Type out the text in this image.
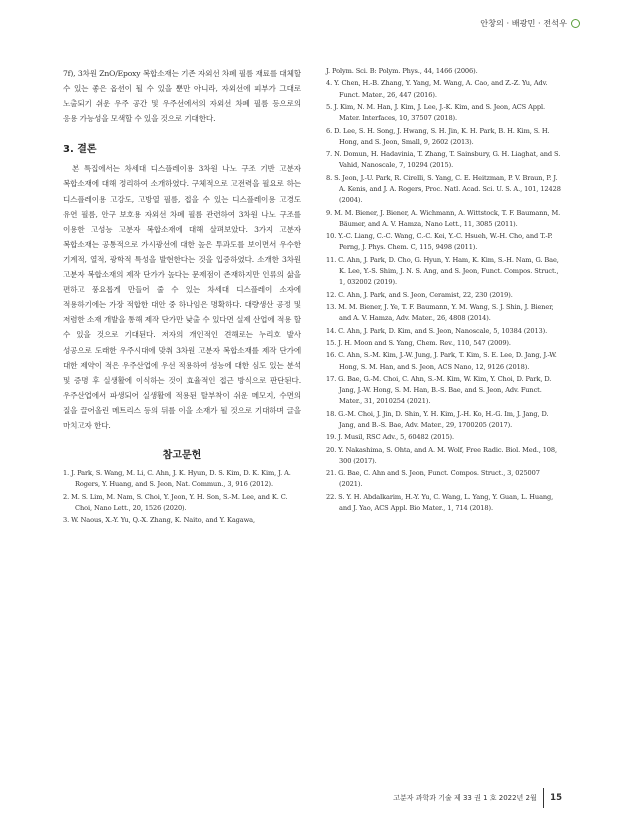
안창의 · 배광민 · 전석우

7f), 3차원 ZnO/Epoxy 복합소재는 기존 자외선 차폐 필름 재료를 대체할 수 있는 좋은 옵션이 될 수 있을 뿐만 아니라, 자외선에 피부가 그대로 노출되기 쉬운 우주 공간 및 우주선에서의 자외선 차폐 필름 등으로의 응용 가능성을 모색할 수 있을 것으로 기대한다.

3. 결론

본 특집에서는 차세대 디스플레이용 3차원 나노 구조 기반 고분자 복합소재에 대해 정리하여 소개하였다. 구체적으로 고전력을 필요로 하는 디스플레이용 고강도, 고방열 필름, 접을 수 있는 디스플레이용 고경도 유연 필름, 안구 보호용 자외선 차폐 필름 관련하여 3차원 나노 구조를 이용한 고성능 고분자 복합소재에 대해 살펴보았다. 3가지 고분자 복합소재는 공통적으로 가시광선에 대한 높은 투과도를 보이면서 우수한 기계적, 열적, 광학적 특성을 발현한다는 것을 입증하였다. 소개한 3차원 고분자 복합소재의 제작 단가가 높다는 문제점이 존재하지만 인류의 삶을 편하고 풍요롭게 만들어 줄 수 있는 차세대 디스플레이 소자에 적용하기에는 가장 적합한 대안 중 하나임은 명확하다. 대량생산 공정 및 저렴한 소재 개발을 통해 제작 단가만 낮출 수 있다면 실제 산업에 적용 할 수 있을 것으로 기대된다. 저자의 개인적인 견해로는 누리호 발사 성공으로 도래한 우주시대에 맞춰 3차원 고분자 복합소재를 제작 단가에 대한 제약이 적은 우주산업에 우선 적용하여 성능에 대한 심도 있는 분석 및 증명 후 실생활에 이식하는 것이 효율적인 접근 방식으로 판단된다. 우주산업에서 파생되어 실생활에 적용된 탈부착이 쉬운 메모지, 수면의 질을 끌어올린 메트리스 등의 뒤를 이을 소재가 될 것으로 기대하며 글을 마치고자 한다.

참고문헌

1. J. Park, S. Wang, M. Li, C. Ahn, J. K. Hyun, D. S. Kim, D. K. Kim, J. A. Rogers, Y. Huang, and S. Jeon, Nat. Commun., 3, 916 (2012).

2. M. S. Lim, M. Nam, S. Choi, Y. Jeon, Y. H. Son, S.-M. Lee, and K. C. Choi, Nano Lett., 20, 1526 (2020).

3. W. Naous, X.-Y. Yu, Q.-X. Zhang, K. Naito, and Y. Kagawa,

J. Polym. Sci. B: Polym. Phys., 44, 1466 (2006).

4. Y. Chen, H.-B. Zhang, Y. Yang, M. Wang, A. Cao, and Z.-Z. Yu, Adv. Funct. Mater., 26, 447 (2016).

5. J. Kim, N. M. Han, J. Kim, J. Lee, J.-K. Kim, and S. Jeon, ACS Appl. Mater. Interfaces, 10, 37507 (2018).

6. D. Lee, S. H. Song, J. Hwang, S. H. Jin, K. H. Park, B. H. Kim, S. H. Hong, and S. Jeon, Small, 9, 2602 (2013).

7. N. Domun, H. Hadavinia, T. Zhang, T. Sainsbury, G. H. Liaghat, and S. Vahid, Nanoscale, 7, 10294 (2015).

8. S. Jeon, J.-U. Park, R. Cirelli, S. Yang, C. E. Heitzman, P. V. Braun, P. J. A. Kenis, and J. A. Rogers, Proc. Natl. Acad. Sci. U. S. A., 101, 12428 (2004).

9. M. M. Biener, J. Biener, A. Wichmann, A. Wittstock, T. F. Baumann, M. Bäumer, and A. V. Hamza, Nano Lett., 11, 3085 (2011).

10. Y.-C. Liang, C.-C. Wang, C.-C. Kei, Y.-C. Hsueh, W.-H. Cho, and T.-P. Perng, J. Phys. Chem. C, 115, 9498 (2011).

11. C. Ahn, J. Park, D. Cho, G. Hyun, Y. Ham, K. Kim, S.-H. Nam, G. Bae, K. Lee, Y.-S. Shim, J. N. S. Ang, and S. Jeon, Funct. Compos. Struct., 1, 032002 (2019).

12. C. Ahn, J. Park, and S. Jeon, Ceramist, 22, 230 (2019).

13. M. M. Biener, J. Ye, T. F. Baumann, Y. M. Wang, S. J. Shin, J. Biener, and A. V. Hamza, Adv. Mater., 26, 4808 (2014).

14. C. Ahn, J. Park, D. Kim, and S. Jeon, Nanoscale, 5, 10384 (2013).

15. J. H. Moon and S. Yang, Chem. Rev., 110, 547 (2009).

16. C. Ahn, S.-M. Kim, J.-W. Jung, J. Park, T. Kim, S. E. Lee, D. Jang, J.-W. Hong, S. M. Han, and S. Jeon, ACS Nano, 12, 9126 (2018).

17. G. Bae, G.-M. Choi, C. Ahn, S.-M. Kim, W. Kim, Y. Choi, D. Park, D. Jang, J.-W. Hong, S. M. Han, B.-S. Bae, and S. Jeon, Adv. Funct. Mater., 31, 2010254 (2021).

18. G.-M. Choi, J. Jin, D. Shin, Y. H. Kim, J.-H. Ko, H.-G. Im, J. Jang, D. Jang, and B.-S. Bae, Adv. Mater., 29, 1700205 (2017).

19. J. Musil, RSC Adv., 5, 60482 (2015).

20. Y. Nakashima, S. Ohta, and A. M. Wolf, Free Radic. Biol. Med., 108, 300 (2017).

21. G. Bae, C. Ahn and S. Jeon, Funct. Compos. Struct., 3, 025007 (2021).

22. S. Y. H. Abdalkarim, H.-Y. Yu, C. Wang, L. Yang, Y. Guan, L. Huang, and J. Yao, ACS Appl. Bio Mater., 1, 714 (2018).

고분자 과학과 기술 제 33 권 1 호 2022년 2월 15
